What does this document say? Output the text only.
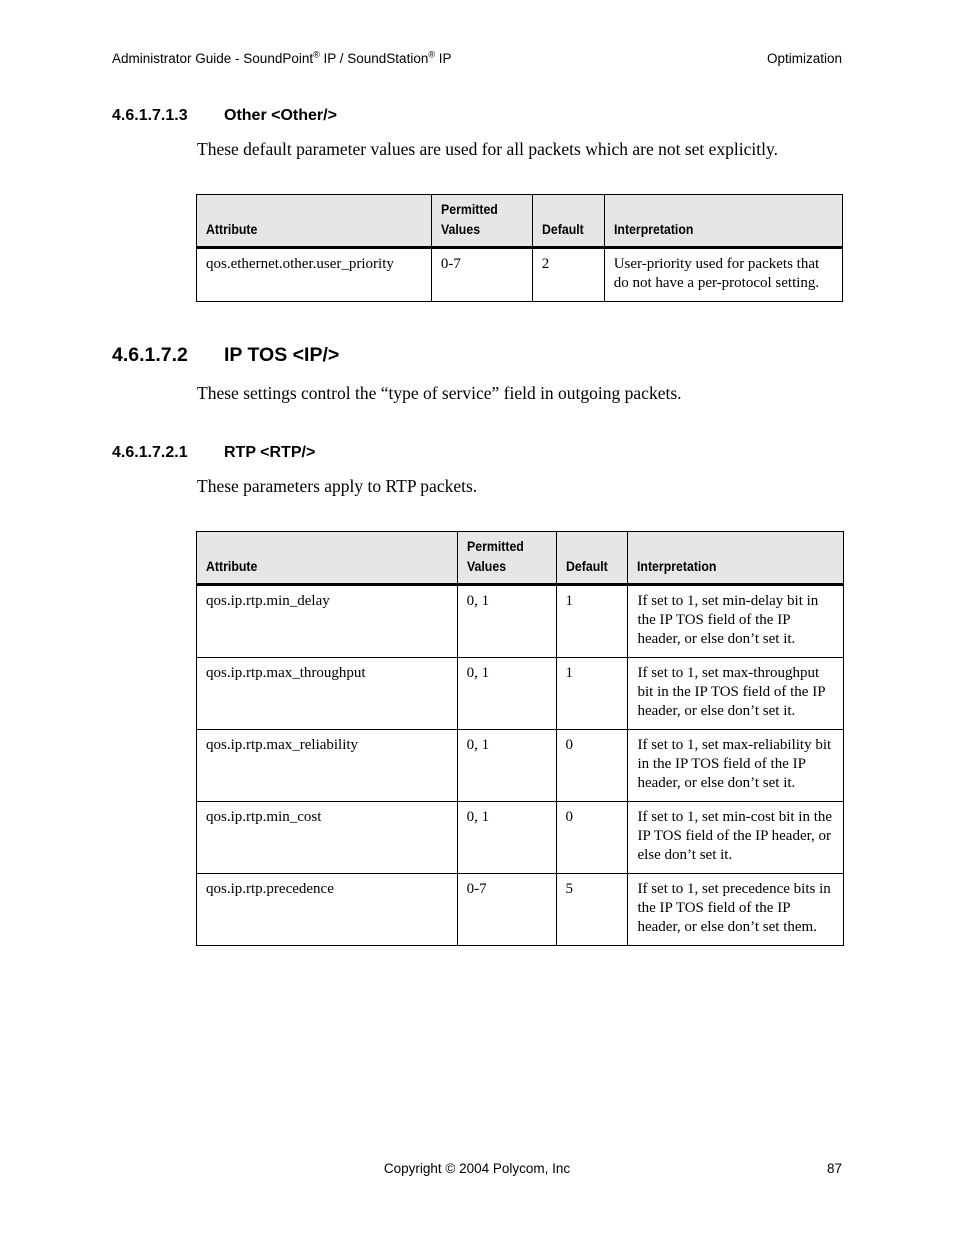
Administrator Guide - SoundPoint® IP / SoundStation® IP	Optimization
4.6.1.7.1.3 Other <Other/>
These default parameter values are used for all packets which are not set explicitly.
Attribute	Permitted Values	Default	Interpretation
qos.ethernet.other.user_priority	0-7	2	User-priority used for packets that do not have a per-protocol setting.
4.6.1.7.2 IP TOS <IP/>
These settings control the “type of service” field in outgoing packets.
4.6.1.7.2.1 RTP <RTP/>
These parameters apply to RTP packets.
Attribute	Permitted Values	Default	Interpretation
qos.ip.rtp.min_delay	0, 1	1	If set to 1, set min-delay bit in the IP TOS field of the IP header, or else don’t set it.
qos.ip.rtp.max_throughput	0, 1	1	If set to 1, set max-throughput bit in the IP TOS field of the IP header, or else don’t set it.
qos.ip.rtp.max_reliability	0, 1	0	If set to 1, set max-reliability bit in the IP TOS field of the IP header, or else don’t set it.
qos.ip.rtp.min_cost	0, 1	0	If set to 1, set min-cost bit in the IP TOS field of the IP header, or else don’t set it.
qos.ip.rtp.precedence	0-7	5	If set to 1, set precedence bits in the IP TOS field of the IP header, or else don’t set them.
Copyright © 2004 Polycom, Inc	87
